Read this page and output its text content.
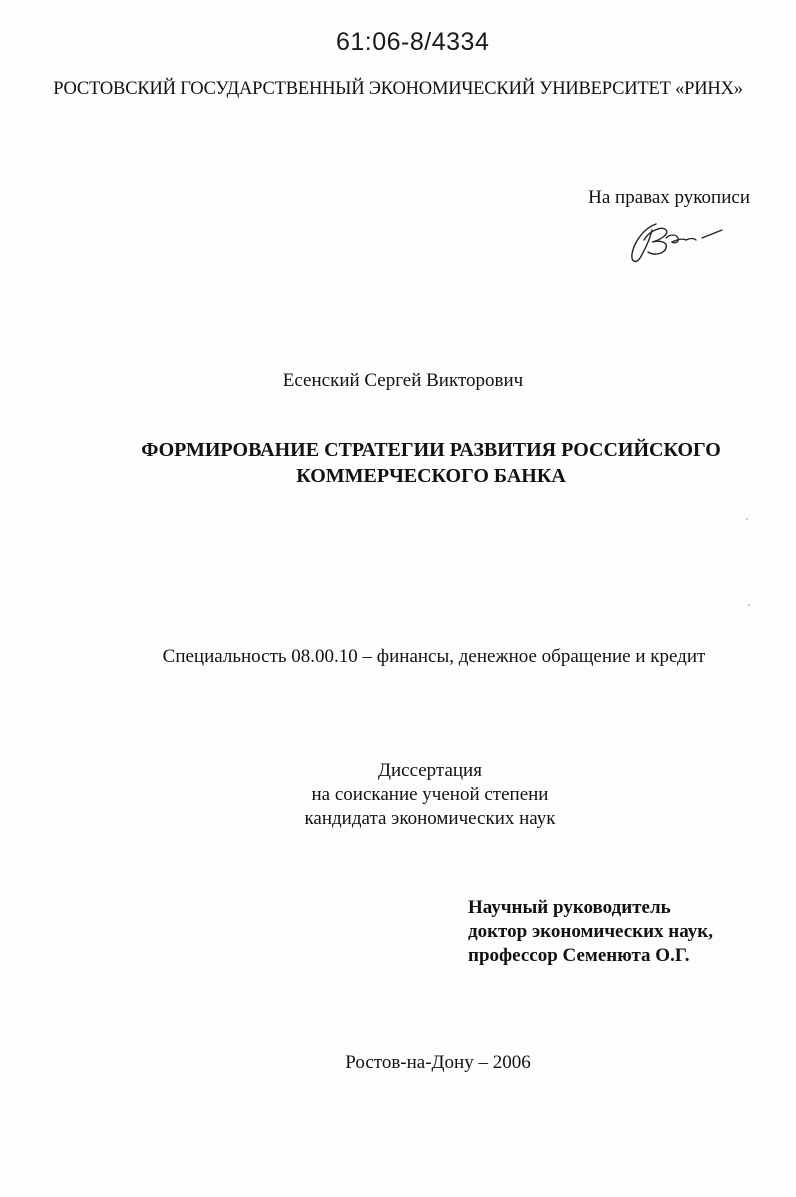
61:06-8/4334
РОСТОВСКИЙ ГОСУДАРСТВЕННЫЙ ЭКОНОМИЧЕСКИЙ УНИВЕРСИТЕТ «РИНХ»
На правах рукописи
Есенский Сергей Викторович
ФОРМИРОВАНИЕ СТРАТЕГИИ РАЗВИТИЯ РОССИЙСКОГО
КОММЕРЧЕСКОГО БАНКА
Специальность 08.00.10 – финансы, денежное обращение и кредит
Диссертация
на соискание ученой степени
кандидата экономических наук
Научный руководитель
доктор экономических наук,
профессор Семенюта О.Г.
Ростов-на-Дону – 2006
